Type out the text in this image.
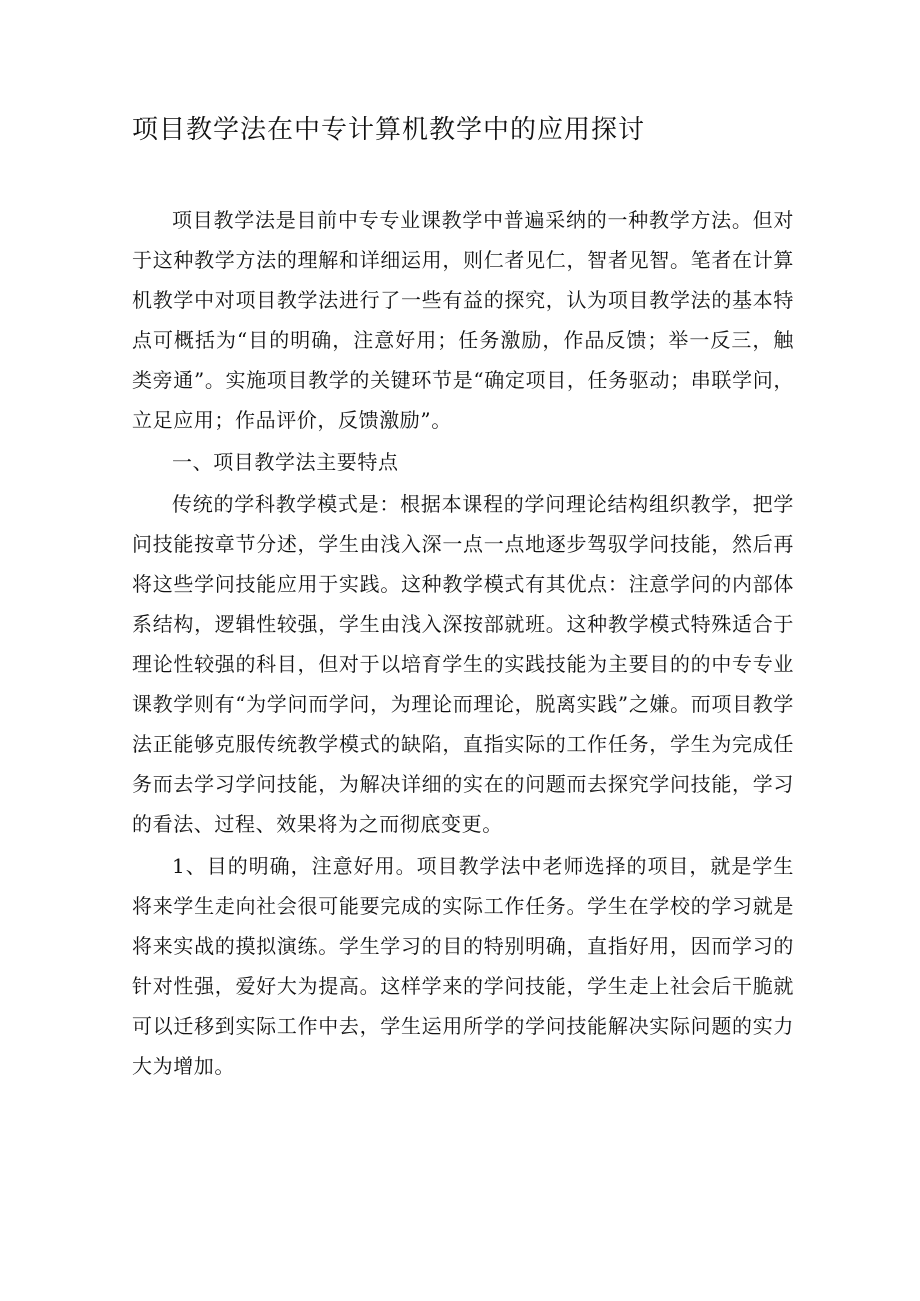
项目教学法在中专计算机教学中的应用探讨

项目教学法是目前中专专业课教学中普遍采纳的一种教学方法。但对于这种教学方法的理解和详细运用，则仁者见仁，智者见智。笔者在计算机教学中对项目教学法进行了一些有益的探究，认为项目教学法的基本特点可概括为“目的明确，注意好用；任务激励，作品反馈；举一反三，触类旁通”。实施项目教学的关键环节是“确定项目，任务驱动；串联学问，立足应用；作品评价，反馈激励”。

一、项目教学法主要特点

传统的学科教学模式是：根据本课程的学问理论结构组织教学，把学问技能按章节分述，学生由浅入深一点一点地逐步驾驭学问技能，然后再将这些学问技能应用于实践。这种教学模式有其优点：注意学问的内部体系结构，逻辑性较强，学生由浅入深按部就班。这种教学模式特殊适合于理论性较强的科目，但对于以培育学生的实践技能为主要目的的中专专业课教学则有“为学问而学问，为理论而理论，脱离实践”之嫌。而项目教学法正能够克服传统教学模式的缺陷，直指实际的工作任务，学生为完成任务而去学习学问技能，为解决详细的实在的问题而去探究学问技能，学习的看法、过程、效果将为之而彻底变更。

1、目的明确，注意好用。项目教学法中老师选择的项目，就是学生将来学生走向社会很可能要完成的实际工作任务。学生在学校的学习就是将来实战的摸拟演练。学生学习的目的特别明确，直指好用，因而学习的针对性强，爱好大为提高。这样学来的学问技能，学生走上社会后干脆就可以迁移到实际工作中去，学生运用所学的学问技能解决实际问题的实力大为增加。
